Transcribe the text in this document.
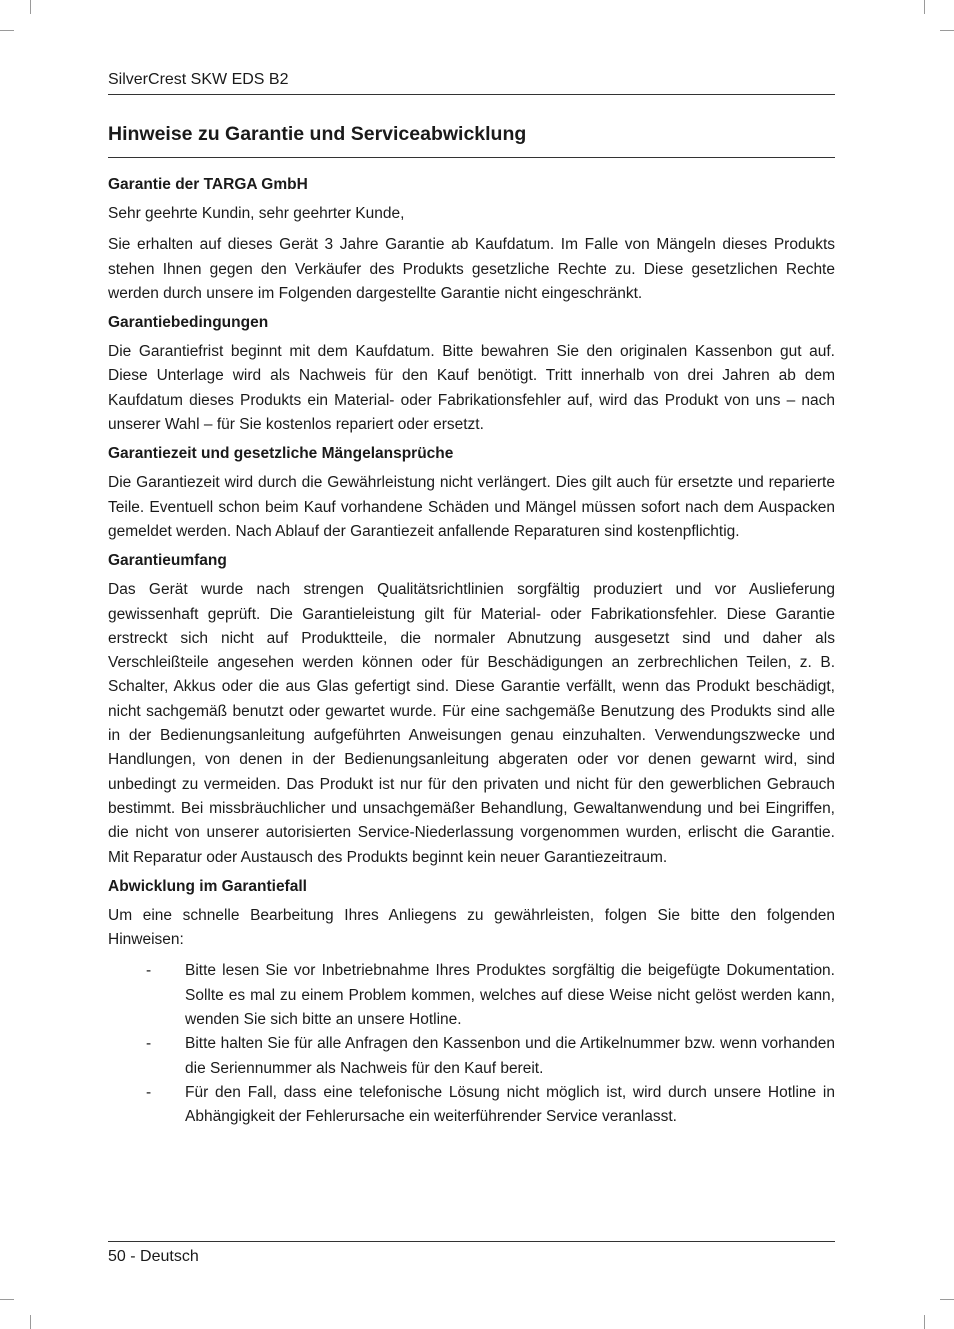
SilverCrest SKW EDS B2
Hinweise zu Garantie und Serviceabwicklung
Garantie der TARGA GmbH

Sehr geehrte Kundin, sehr geehrter Kunde,

Sie erhalten auf dieses Gerät 3 Jahre Garantie ab Kaufdatum. Im Falle von Mängeln dieses Produkts stehen Ihnen gegen den Verkäufer des Produkts gesetzliche Rechte zu. Diese gesetzlichen Rechte werden durch unsere im Folgenden dargestellte Garantie nicht eingeschränkt.

Garantiebedingungen

Die Garantiefrist beginnt mit dem Kaufdatum. Bitte bewahren Sie den originalen Kassenbon gut auf. Diese Unterlage wird als Nachweis für den Kauf benötigt. Tritt innerhalb von drei Jahren ab dem Kaufdatum dieses Produkts ein Material- oder Fabrikationsfehler auf, wird das Produkt von uns – nach unserer Wahl – für Sie kostenlos repariert oder ersetzt.

Garantiezeit und gesetzliche Mängelansprüche

Die Garantiezeit wird durch die Gewährleistung nicht verlängert. Dies gilt auch für ersetzte und reparierte Teile. Eventuell schon beim Kauf vorhandene Schäden und Mängel müssen sofort nach dem Auspacken gemeldet werden. Nach Ablauf der Garantiezeit anfallende Reparaturen sind kostenpflichtig.

Garantieumfang

Das Gerät wurde nach strengen Qualitätsrichtlinien sorgfältig produziert und vor Auslieferung gewissenhaft geprüft. Die Garantieleistung gilt für Material- oder Fabrikationsfehler. Diese Garantie erstreckt sich nicht auf Produktteile, die normaler Abnutzung ausgesetzt sind und daher als Verschleißteile angesehen werden können oder für Beschädigungen an zerbrechlichen Teilen, z. B. Schalter, Akkus oder die aus Glas gefertigt sind. Diese Garantie verfällt, wenn das Produkt beschädigt, nicht sachgemäß benutzt oder gewartet wurde. Für eine sachgemäße Benutzung des Produkts sind alle in der Bedienungsanleitung aufgeführten Anweisungen genau einzuhalten. Verwendungszwecke und Handlungen, von denen in der Bedienungsanleitung abgeraten oder vor denen gewarnt wird, sind unbedingt zu vermeiden. Das Produkt ist nur für den privaten und nicht für den gewerblichen Gebrauch bestimmt. Bei missbräuchlicher und unsachgemäßer Behandlung, Gewaltanwendung und bei Eingriffen, die nicht von unserer autorisierten Service-Niederlassung vorgenommen wurden, erlischt die Garantie. Mit Reparatur oder Austausch des Produkts beginnt kein neuer Garantiezeitraum.

Abwicklung im Garantiefall

Um eine schnelle Bearbeitung Ihres Anliegens zu gewährleisten, folgen Sie bitte den folgenden Hinweisen:

- Bitte lesen Sie vor Inbetriebnahme Ihres Produktes sorgfältig die beigefügte Dokumentation. Sollte es mal zu einem Problem kommen, welches auf diese Weise nicht gelöst werden kann, wenden Sie sich bitte an unsere Hotline.
- Bitte halten Sie für alle Anfragen den Kassenbon und die Artikelnummer bzw. wenn vorhanden die Seriennummer als Nachweis für den Kauf bereit.
- Für den Fall, dass eine telefonische Lösung nicht möglich ist, wird durch unsere Hotline in Abhängigkeit der Fehlerursache ein weiterführender Service veranlasst.
50 - Deutsch
